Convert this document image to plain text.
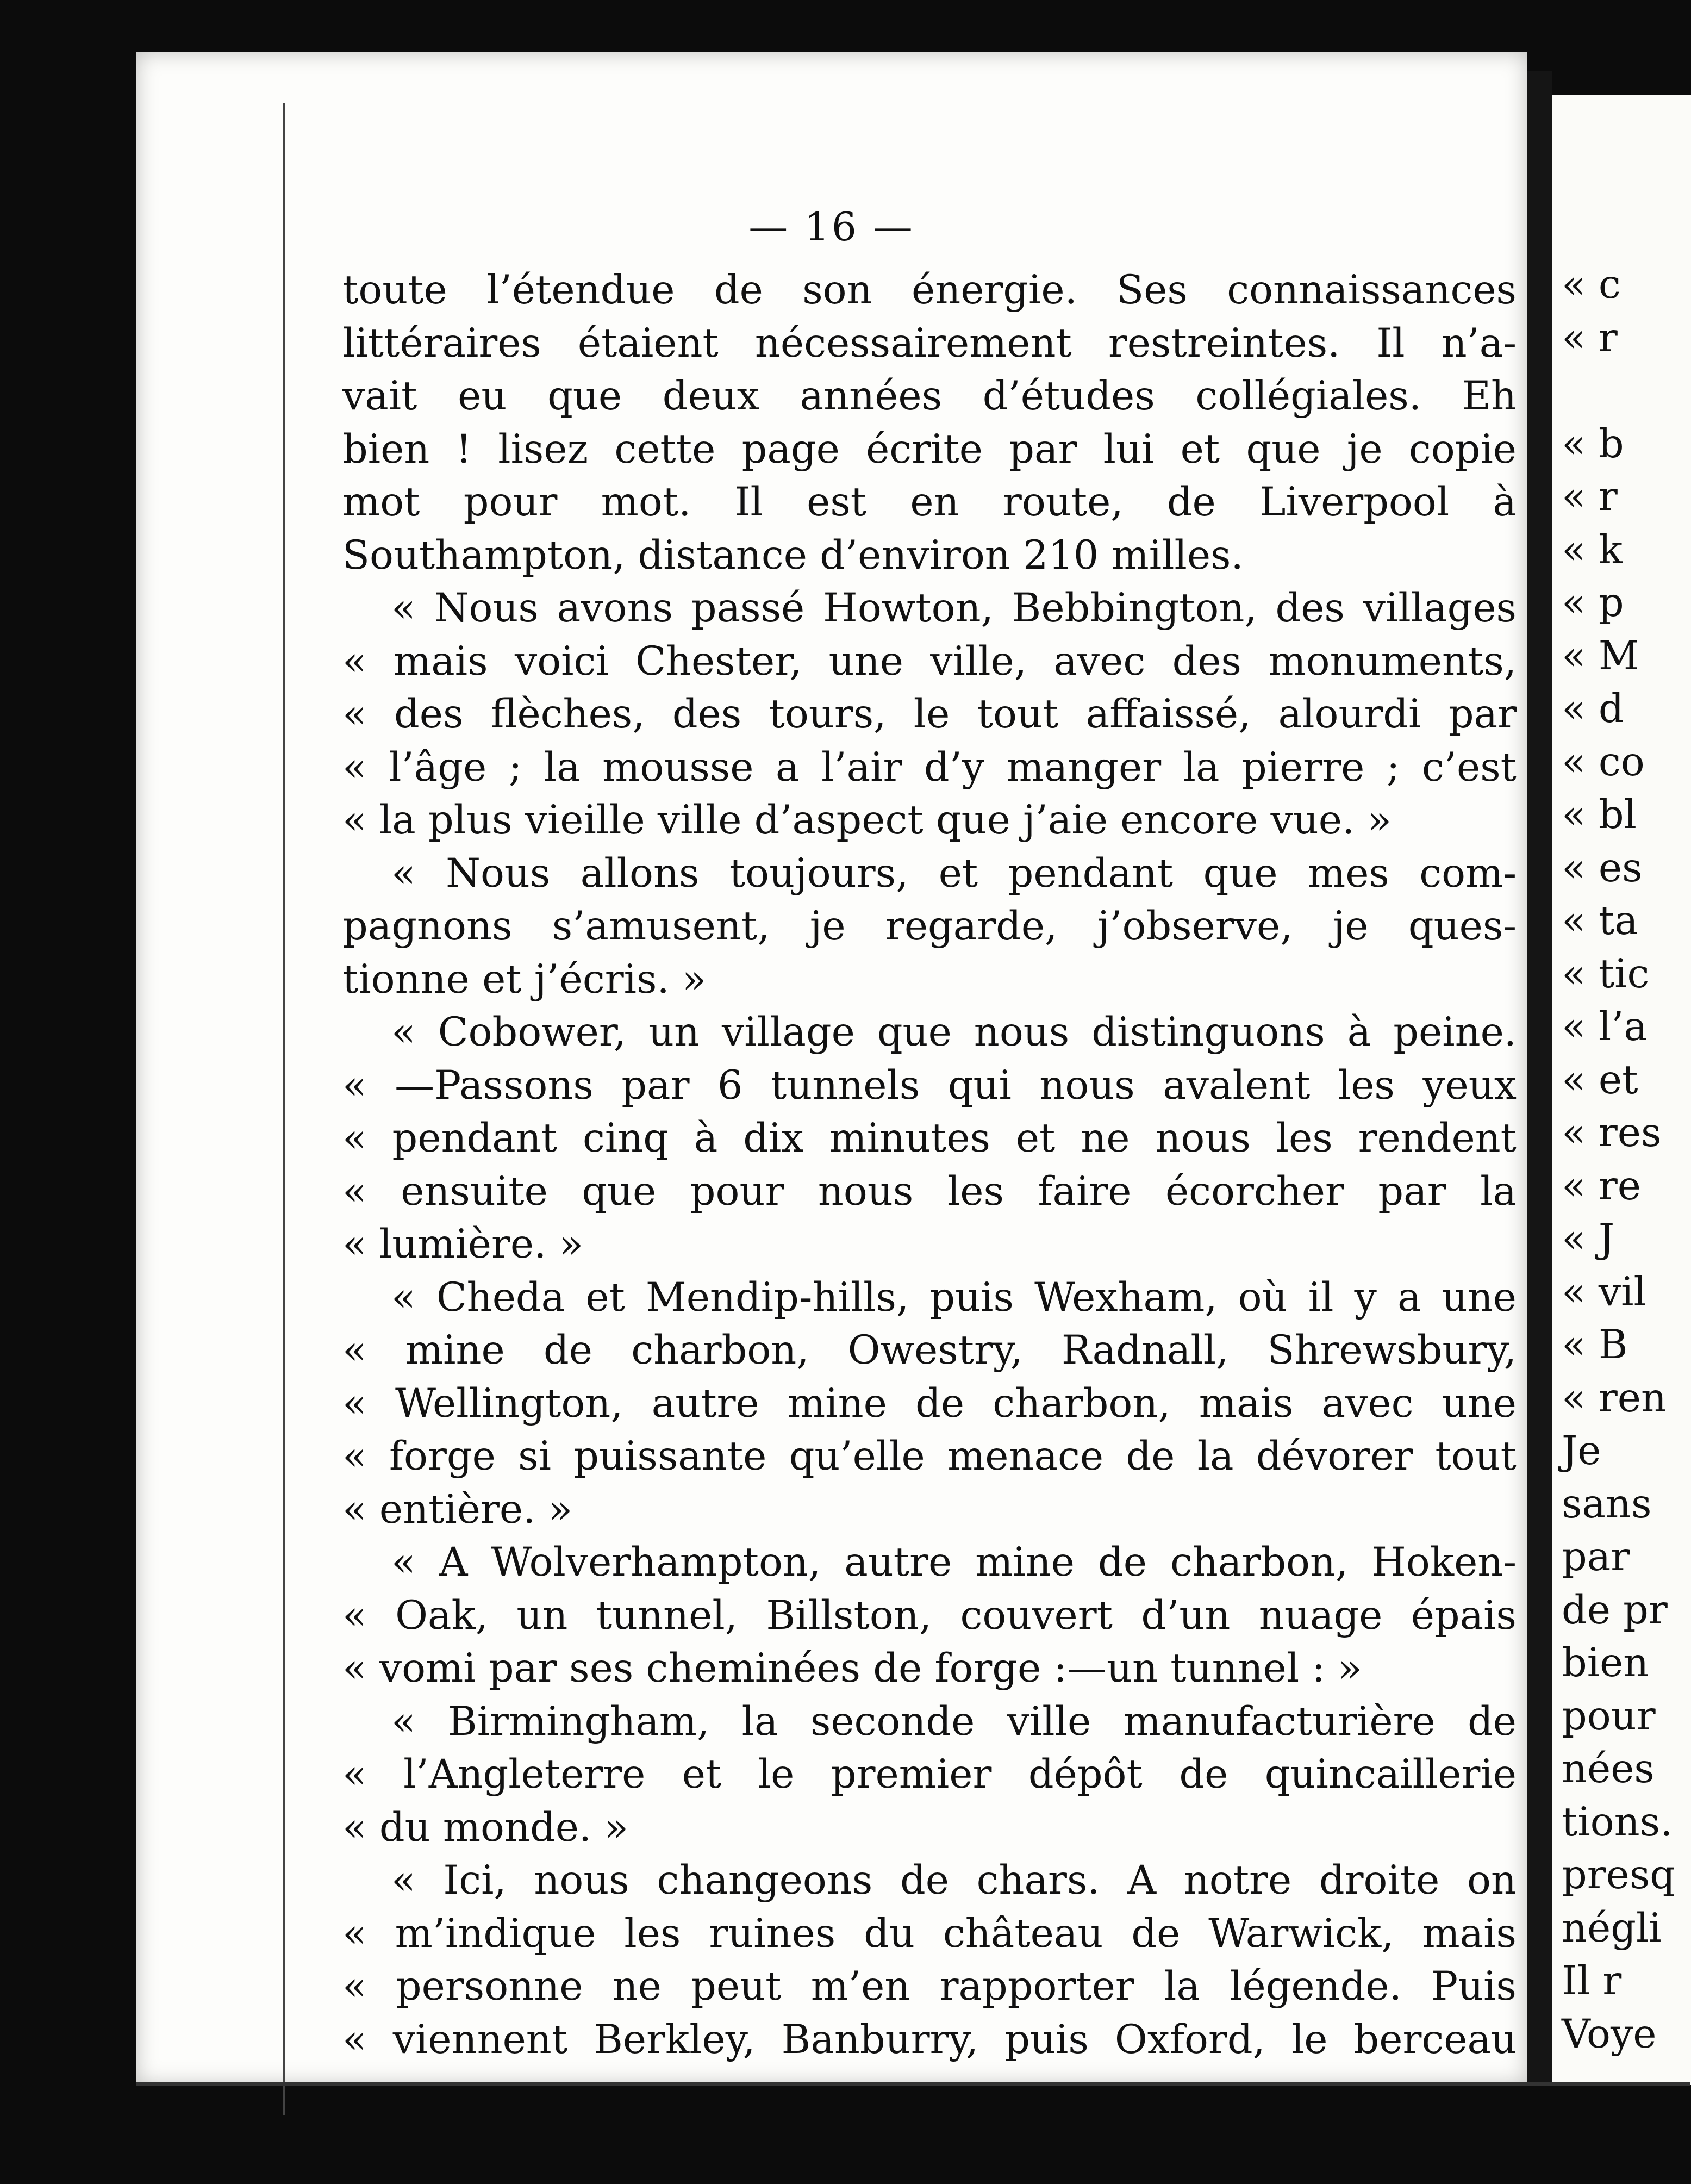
— 16 —

toute l’étendue de son énergie. Ses connaissances
littéraires étaient nécessairement restreintes. Il n’a-
vait eu que deux années d’études collégiales. Eh
bien ! lisez cette page écrite par lui et que je copie
mot pour mot. Il est en route, de Liverpool à
Southampton, distance d’environ 210 milles.

« Nous avons passé Howton, Bebbington, des villages
« mais voici Chester, une ville, avec des monuments,
« des flèches, des tours, le tout affaissé, alourdi par
« l’âge ; la mousse a l’air d’y manger la pierre ; c’est
« la plus vieille ville d’aspect que j’aie encore vue. »

« Nous allons toujours, et pendant que mes com-
pagnons s’amusent, je regarde, j’observe, je ques-
tionne et j’écris. »

« Cobower, un village que nous distinguons à peine.
« —Passons par 6 tunnels qui nous avalent les yeux
« pendant cinq à dix minutes et ne nous les rendent
« ensuite que pour nous les faire écorcher par la
« lumière. »

« Cheda et Mendip-hills, puis Wexham, où il y a une
« mine de charbon, Owestry, Radnall, Shrewsbury,
« Wellington, autre mine de charbon, mais avec une
« forge si puissante qu’elle menace de la dévorer tout
« entière. »

« A Wolverhampton, autre mine de charbon, Hoken-
« Oak, un tunnel, Billston, couvert d’un nuage épais
« vomi par ses cheminées de forge :—un tunnel : »

« Birmingham, la seconde ville manufacturière de
« l’Angleterre et le premier dépôt de quincaillerie
« du monde. »

« Ici, nous changeons de chars. A notre droite on
« m’indique les ruines du château de Warwick, mais
« personne ne peut m’en rapporter la légende. Puis
« viennent Berkley, Banburry, puis Oxford, le berceau

« c
« r

« b
« r
« k
« p
« M
« d
« co
« bl
« es
« ta
« tic
« l’a
« et
« res
« re
« J
« vil
« B
« ren
Je
sans
par
de pr
bien
pour
nées
tions.
presq
négli
Il r
Voye
